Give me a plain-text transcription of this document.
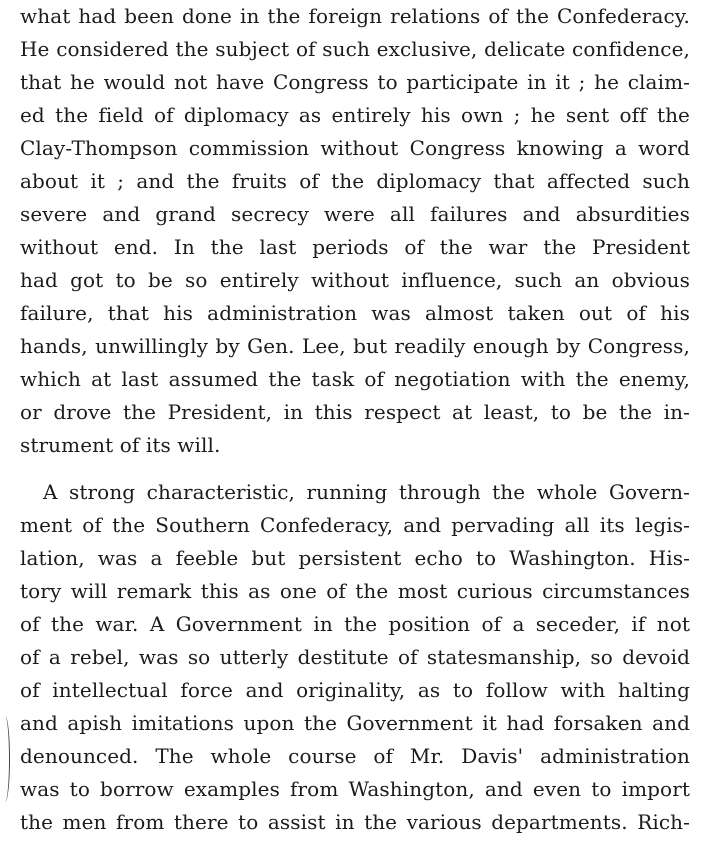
what had been done in the foreign relations of the Confederacy.
He considered the subject of such exclusive, delicate confidence,
that he would not have Congress to participate in it ; he claim-
ed the field of diplomacy as entirely his own ; he sent off the
Clay-Thompson commission without Congress knowing a word
about it ; and the fruits of the diplomacy that affected such
severe and grand secrecy were all failures and absurdities
without end. In the last periods of the war the President
had got to be so entirely without influence, such an obvious
failure, that his administration was almost taken out of his
hands, unwillingly by Gen. Lee, but readily enough by Congress,
which at last assumed the task of negotiation with the enemy,
or drove the President, in this respect at least, to be the in-
strument of its will.
A strong characteristic, running through the whole Govern-
ment of the Southern Confederacy, and pervading all its legis-
lation, was a feeble but persistent echo to Washington. His-
tory will remark this as one of the most curious circumstances
of the war. A Government in the position of a seceder, if not
of a rebel, was so utterly destitute of statesmanship, so devoid
of intellectual force and originality, as to follow with halting
and apish imitations upon the Government it had forsaken and
denounced. The whole course of Mr. Davis' administration
was to borrow examples from Washington, and even to import
the men from there to assist in the various departments. Rich-
